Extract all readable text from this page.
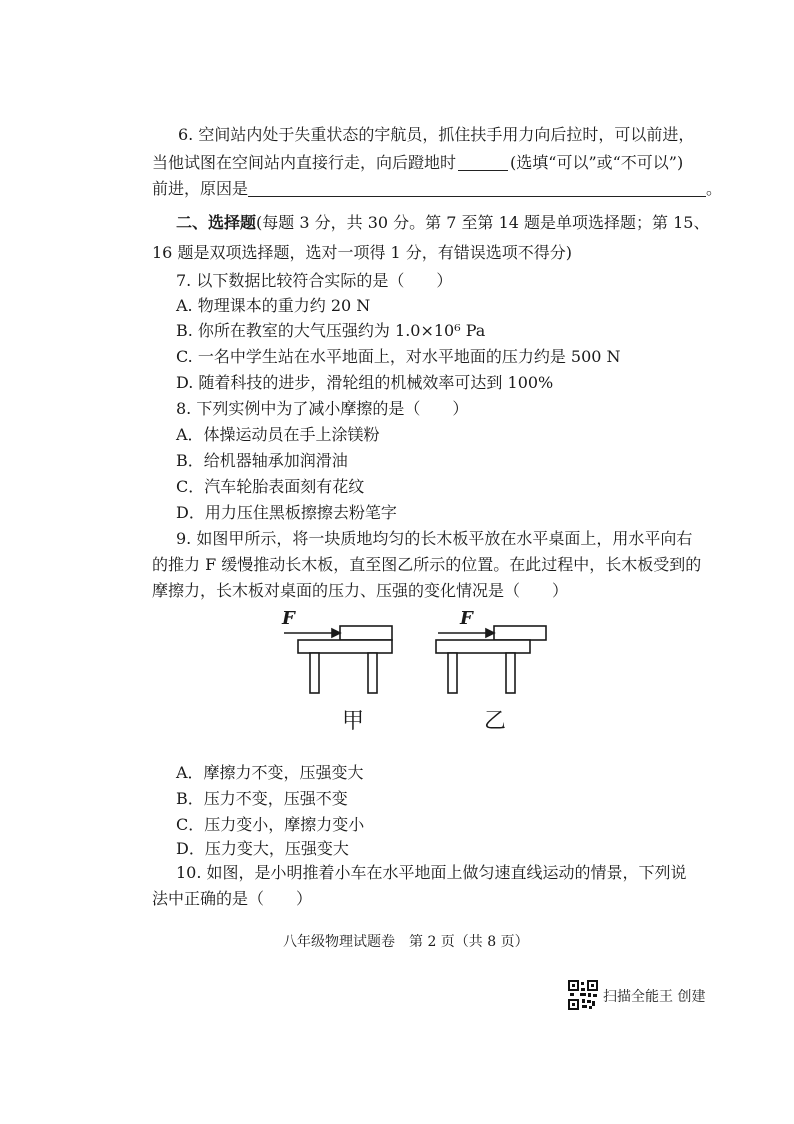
6. 空间站内处于失重状态的宇航员，抓住扶手用力向后拉时，可以前进，
当他试图在空间站内直接行走，向后蹬地时	(选填“可以”或“不可以”)
前进，原因是	。
二、选择题(每题 3 分，共 30 分。第 7 至第 14 题是单项选择题；第 15、
16 题是双项选择题，选对一项得 1 分，有错误选项不得分)
7. 以下数据比较符合实际的是（　　）
A. 物理课本的重力约 20 N
B. 你所在教室的大气压强约为 1.0×10⁶ Pa
C. 一名中学生站在水平地面上，对水平地面的压力约是 500 N
D. 随着科技的进步，滑轮组的机械效率可达到 100%
8. 下列实例中为了减小摩擦的是（　　）
A．体操运动员在手上涂镁粉
B．给机器轴承加润滑油
C．汽车轮胎表面刻有花纹
D．用力压住黑板擦擦去粉笔字
9. 如图甲所示，将一块质地均匀的长木板平放在水平桌面上，用水平向右
的推力 F 缓慢推动长木板，直至图乙所示的位置。在此过程中，长木板受到的
摩擦力，长木板对桌面的压力、压强的变化情况是（　　）
F	F
甲	乙
A．摩擦力不变，压强变大
B．压力不变，压强不变
C．压力变小，摩擦力变小
D．压力变大，压强变大
10. 如图，是小明推着小车在水平地面上做匀速直线运动的情景，下列说
法中正确的是（　　）
八年级物理试题卷　第 2 页（共 8 页）
扫描全能王 创建
